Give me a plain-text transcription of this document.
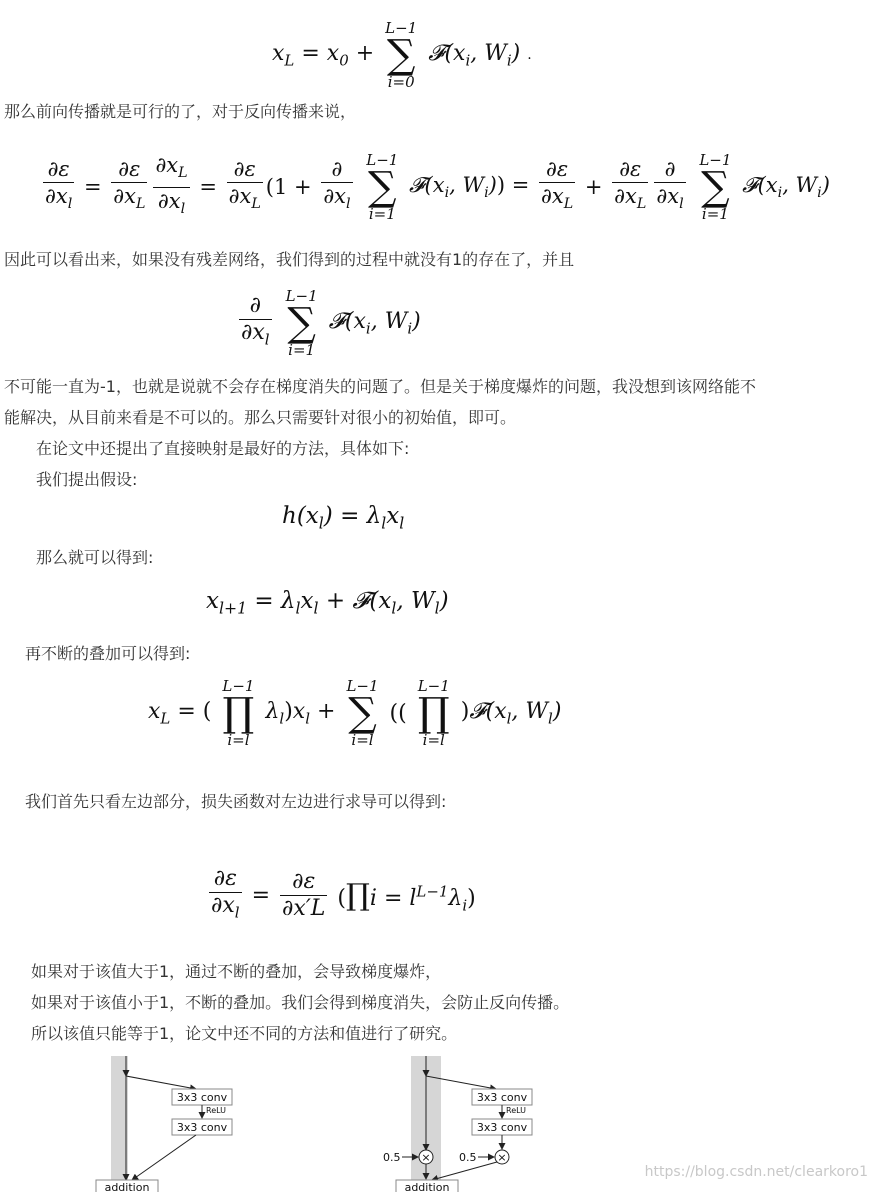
$x_L = x_0$ +
L−1
∑
i=0
$𝓕(x_i$, $W_i$) .
那么前向传播就是可行的了，对于反向传播来说，
$\frac{\partial\varepsilon}{\partial x_l} = \frac{\partial\varepsilon}{\partial x_L} \frac{\partial x_L}{\partial x_l} = \frac{\partial\varepsilon}{\partial x_L} (1 + \frac{\partial}{\partial x_l}$
L−1
∑
i=1
$𝓕(x_i$, $W_i)) = \frac{\partial\varepsilon}{\partial x_L} + \frac{\partial\varepsilon}{\partial x_L} \frac{\partial}{\partial x_l}$
L−1
∑
i=1
$𝓕(x_i$, $W_i$)
因此可以看出来，如果没有残差网络，我们得到的过程中就没有1的存在了，并且
$\frac{\partial}{\partial x_l}$
L−1
∑
i=1
$𝓕(x_i$, $W_i$)
不可能一直为-1，也就是说就不会存在梯度消失的问题了。但是关于梯度爆炸的问题，我没想到该网络能不
能解决，从目前来看是不可以的。那么只需要针对很小的初始值，即可。
在论文中还提出了直接映射是最好的方法，具体如下:
我们提出假设:
$h(x_l) = \lambda_lx_l$
那么就可以得到:
$x_{l+1} = \lambda_lx_l$ + $𝓕(x_l$, $W_l$)
再不断的叠加可以得到:
$x_L$ = (
L−1
∏
i=l
$\lambda_l)x_l$ +
L−1
∑
i=l
((
L−1
∏
i=l
)$𝓕(x_l$, $W_l$)
我们首先只看左边部分，损失函数对左边进行求导可以得到:
$\frac{\partial\varepsilon}{\partial x_l} = \frac{\partial\varepsilon}{\partial x'L}$ (∏i = $l^{L-1}\lambda_i$)
如果对于该值大于1，通过不断的叠加，会导致梯度爆炸，
如果对于该值小于1，不断的叠加。我们会得到梯度消失，会防止反向传播。
所以该值只能等于1，论文中还不同的方法和值进行了研究。
3x3 conv
ReLU
3x3 conv
addition
3x3 conv
ReLU
3x3 conv
×
0.5	×
0.5
addition
https://blog.csdn.net/clearkoro1
